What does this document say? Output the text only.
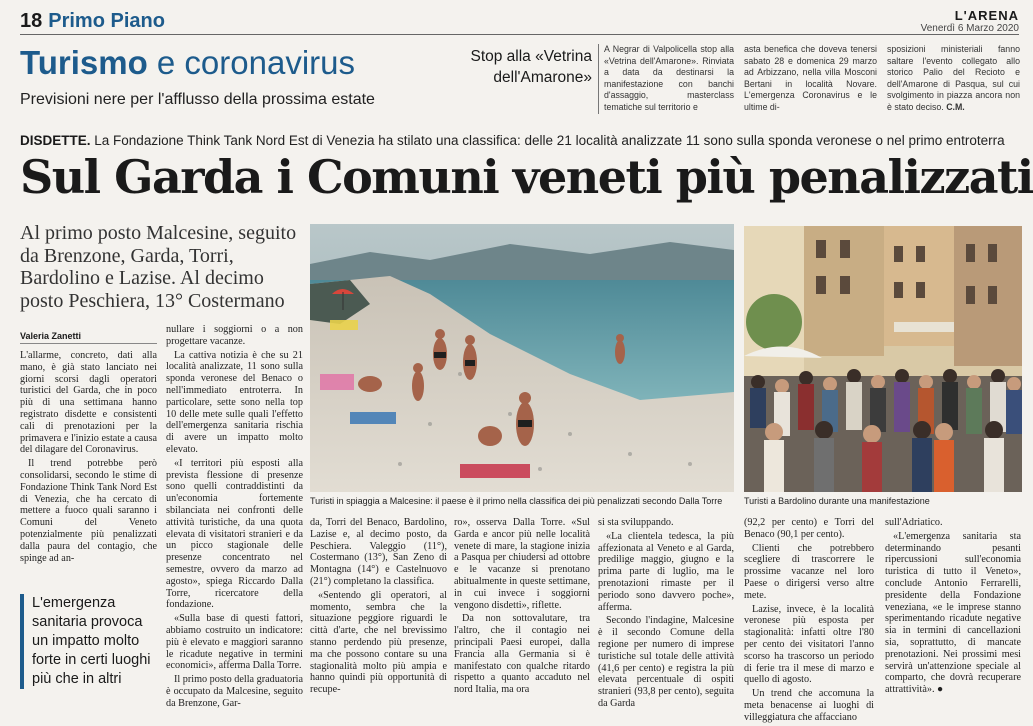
18 Primo Piano	L'ARENA
Venerdì 6 Marzo 2020
Turismo e coronavirus
Previsioni nere per l'afflusso della prossima estate
Stop alla «Vetrina
dell'Amarone»
A Negrar di Valpolicella stop alla «Vetrina dell'Amarone». Rinviata a data da destinarsi la manifestazione con banchi d'assaggio, masterclass tematiche sul territorio e
asta benefica che doveva tenersi sabato 28 e domenica 29 marzo ad Arbizzano, nella villa Mosconi Bertani in località Novare. L'emergenza Coronavirus e le ultime di-
sposizioni ministeriali fanno saltare l'evento collegato allo storico Palio del Recioto e dell'Amarone di Pasqua, sul cui svolgimento in piazza ancora non è stato deciso. C.M.
DISDETTE. La Fondazione Think Tank Nord Est di Venezia ha stilato una classifica: delle 21 località analizzate 11 sono sulla sponda veronese o nel primo entroterra
Sul Garda i Comuni veneti più penalizzati
Al primo posto Malcesine, seguito da Brenzone, Garda, Torri, Bardolino e Lazise. Al decimo posto Peschiera, 13° Costermano
Valeria Zanetti

L'allarme, concreto, dati alla mano, è già stato lanciato nei giorni scorsi dagli operatori turistici del Garda, che in poco più di una settimana hanno registrato disdette e consistenti cali di prenotazioni per la primavera e l'inizio estate a causa del dilagare del Coronavirus.

Il trend potrebbe però consolidarsi, secondo le stime di Fondazione Think Tank Nord Est di Venezia, che ha cercato di mettere a fuoco quali saranno i Comuni del Veneto potenzialmente più penalizzati dalla paura del contagio, che spinge ad an-

L'emergenza sanitaria provoca un impatto molto forte in certi luoghi più che in altri

nullare i soggiorni o a non progettare vacanze.

La cattiva notizia è che su 21 località analizzate, 11 sono sulla sponda veronese del Benaco o nell'immediato entroterra. In particolare, sette sono nella top 10 delle mete sulle quali l'effetto dell'emergenza sanitaria rischia di avere un impatto molto elevato.

«I territori più esposti alla prevista flessione di presenze sono quelli contraddistinti da un'economia fortemente sbilanciata nei confronti delle attività turistiche, da una quota elevata di visitatori stranieri e da un picco stagionale delle presenze concentrato nel semestre, ovvero da marzo ad agosto», spiega Riccardo Dalla Torre, ricercatore della fondazione.

«Sulla base di questi fattori, abbiamo costruito un indicatore: più è elevato e maggiori saranno le ricadute negative in termini economici», afferma Dalla Torre.

Il primo posto della graduatoria è occupato da Malcesine, seguito da Brenzone, Gar-

da, Torri del Benaco, Bardolino, Lazise e, al decimo posto, da Peschiera. Valeggio (11°), Costermano (13°), San Zeno di Montagna (14°) e Castelnuovo (21°) completano la classifica.

«Sentendo gli operatori, al momento, sembra che la situazione peggiore riguardi le città d'arte, che nel brevissimo stanno perdendo più presenze, ma che possono contare su una stagionalità molto più ampia e hanno quindi più opportunità di recupe-

ro», osserva Dalla Torre. «Sul Garda e ancor più nelle località venete di mare, la stagione inizia a Pasqua per chiudersi ad ottobre e le vacanze si prenotano abitualmente in queste settimane, in cui invece i soggiorni vengono disdetti», riflette.

Da non sottovalutare, tra l'altro, che il contagio nei principali Paesi europei, dalla Francia alla Germania si è manifestato con qualche ritardo rispetto a quanto accaduto nel nord Italia, ma ora

si sta sviluppando.

«La clientela tedesca, la più affezionata al Veneto e al Garda, predilige maggio, giugno e la prima parte di luglio, ma le prenotazioni rimaste per il periodo sono davvero poche», afferma.

Secondo l'indagine, Malcesine è il secondo Comune della regione per numero di imprese turistiche sul totale delle attività (41,6 per cento) e registra la più elevata percentuale di ospiti stranieri (93,8 per cento), seguita da Garda

(92,2 per cento) e Torri del Benaco (90,1 per cento).

Clienti che potrebbero scegliere di trascorrere le prossime vacanze nel loro Paese o dirigersi verso altre mete.

Lazise, invece, è la località veronese più esposta per stagionalità: infatti oltre l'80 per cento dei visitatori l'anno scorso ha trascorso un periodo di ferie tra il mese di marzo e quello di agosto.

Un trend che accomuna la meta benacense ai luoghi di villeggiatura che affacciano

sull'Adriatico.

«L'emergenza sanitaria sta determinando pesanti ripercussioni sull'economia turistica di tutto il Veneto», conclude Antonio Ferrarelli, presidente della Fondazione veneziana, «e le imprese stanno sperimentando ricadute negative sia in termini di cancellazioni sia, soprattutto, di mancate prenotazioni. Nei prossimi mesi servirà un'attenzione speciale al comparto, che dovrà recuperare attrattività». ●

Turisti in spiaggia a Malcesine: il paese è il primo nella classifica dei più penalizzati secondo Dalla Torre Turisti a Bardolino durante una manifestazione
